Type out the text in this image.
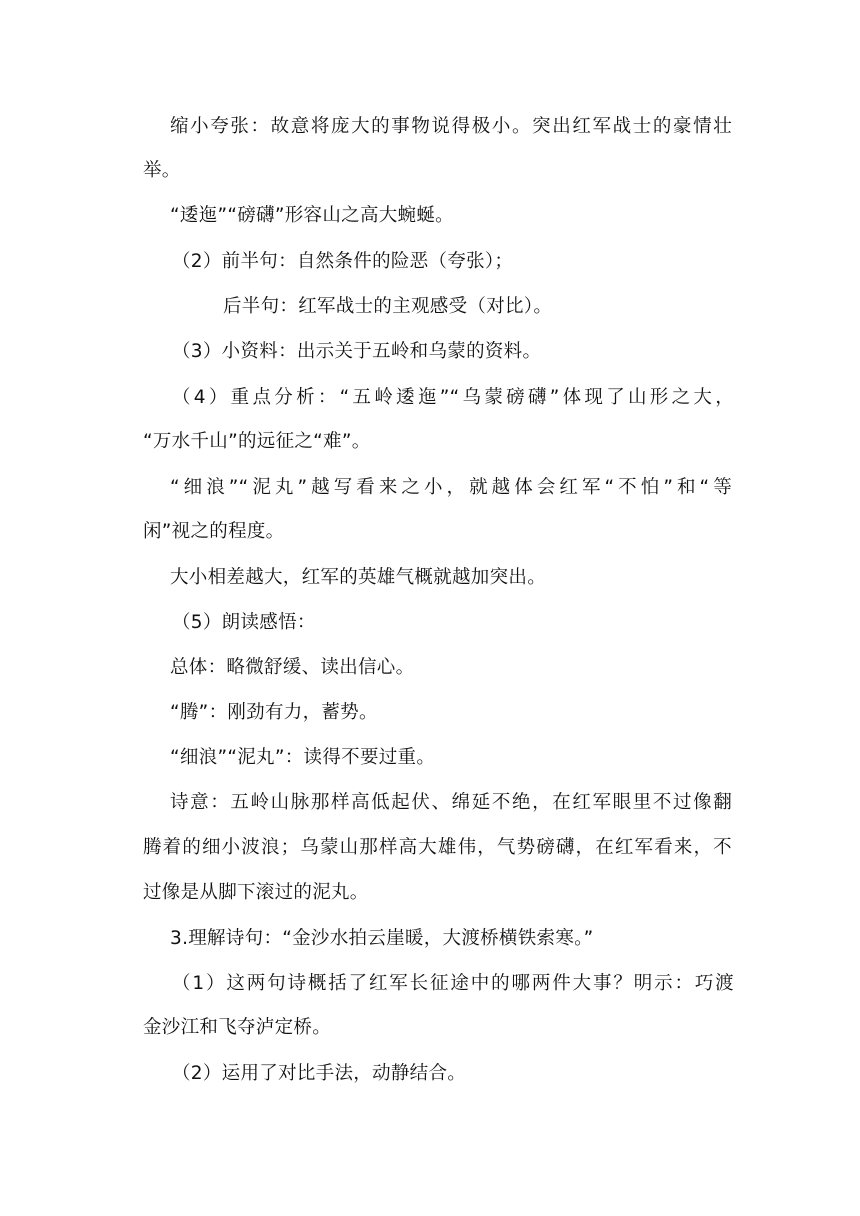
缩小夸张：故意将庞大的事物说得极小。突出红军战士的豪情壮
举。
“逶迤”“磅礴”形容山之高大蜿蜒。
（2）前半句：自然条件的险恶（夸张）；
后半句：红军战士的主观感受（对比）。
（3）小资料：出示关于五岭和乌蒙的资料。
（4）重点分析：“五岭逶迤”“乌蒙磅礴”体现了山形之大，
“万水千山”的远征之“难”。
“细浪”“泥丸”越写看来之小，就越体会红军“不怕”和“等
闲”视之的程度。
大小相差越大，红军的英雄气概就越加突出。
（5）朗读感悟：
总体：略微舒缓、读出信心。
“腾”：刚劲有力，蓄势。
“细浪”“泥丸”：读得不要过重。
诗意：五岭山脉那样高低起伏、绵延不绝，在红军眼里不过像翻
腾着的细小波浪；乌蒙山那样高大雄伟，气势磅礴，在红军看来，不
过像是从脚下滚过的泥丸。
3.理解诗句：“金沙水拍云崖暖，大渡桥横铁索寒。”
（1）这两句诗概括了红军长征途中的哪两件大事？明示：巧渡
金沙江和飞夺泸定桥。
（2）运用了对比手法，动静结合。
